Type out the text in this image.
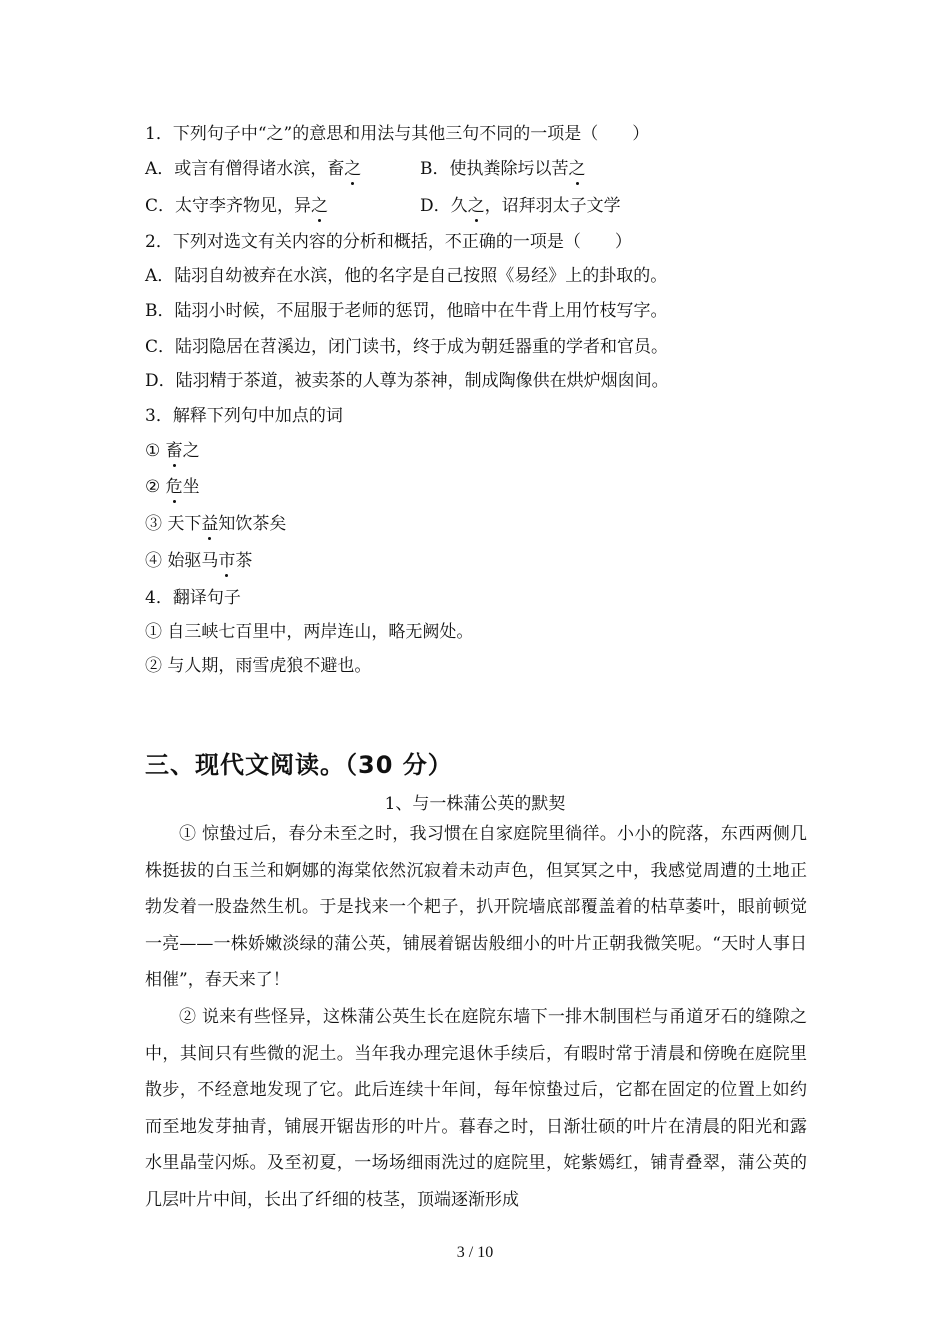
1．下列句子中“之”的意思和用法与其他三句不同的一项是（　　）
A．或言有僧得诸水滨，畜之	B．使执粪除圬以苦之
C．太守李齐物见，异之	D．久之，诏拜羽太子文学
2．下列对选文有关内容的分析和概括，不正确的一项是（　　）
A．陆羽自幼被弃在水滨，他的名字是自己按照《易经》上的卦取的。
B．陆羽小时候，不屈服于老师的惩罚，他暗中在牛背上用竹枝写字。
C．陆羽隐居在苕溪边，闭门读书，终于成为朝廷器重的学者和官员。
D．陆羽精于茶道，被卖茶的人尊为茶神，制成陶像供在烘炉烟囱间。
3．解释下列句中加点的词
① 畜之
② 危坐
③ 天下益知饮茶矣
④ 始驱马市茶
4．翻译句子
① 自三峡七百里中，两岸连山，略无阙处。
② 与人期，雨雪虎狼不避也。
三、现代文阅读。（30 分）
1、与一株蒲公英的默契
① 惊蛰过后，春分未至之时，我习惯在自家庭院里徜徉。小小的院落，东西两侧几株挺拔的白玉兰和婀娜的海棠依然沉寂着未动声色，但冥冥之中，我感觉周遭的土地正勃发着一股盎然生机。于是找来一个耙子，扒开院墙底部覆盖着的枯草萎叶，眼前顿觉一亮——一株娇嫩淡绿的蒲公英，铺展着锯齿般细小的叶片正朝我微笑呢。“天时人事日相催”，春天来了！
② 说来有些怪异，这株蒲公英生长在庭院东墙下一排木制围栏与甬道牙石的缝隙之中，其间只有些微的泥土。当年我办理完退休手续后，有暇时常于清晨和傍晚在庭院里散步，不经意地发现了它。此后连续十年间，每年惊蛰过后，它都在固定的位置上如约而至地发芽抽青，铺展开锯齿形的叶片。暮春之时，日渐壮硕的叶片在清晨的阳光和露水里晶莹闪烁。及至初夏，一场场细雨洗过的庭院里，姹紫嫣红，铺青叠翠，蒲公英的几层叶片中间，长出了纤细的枝茎，顶端逐渐形成
3 / 10
